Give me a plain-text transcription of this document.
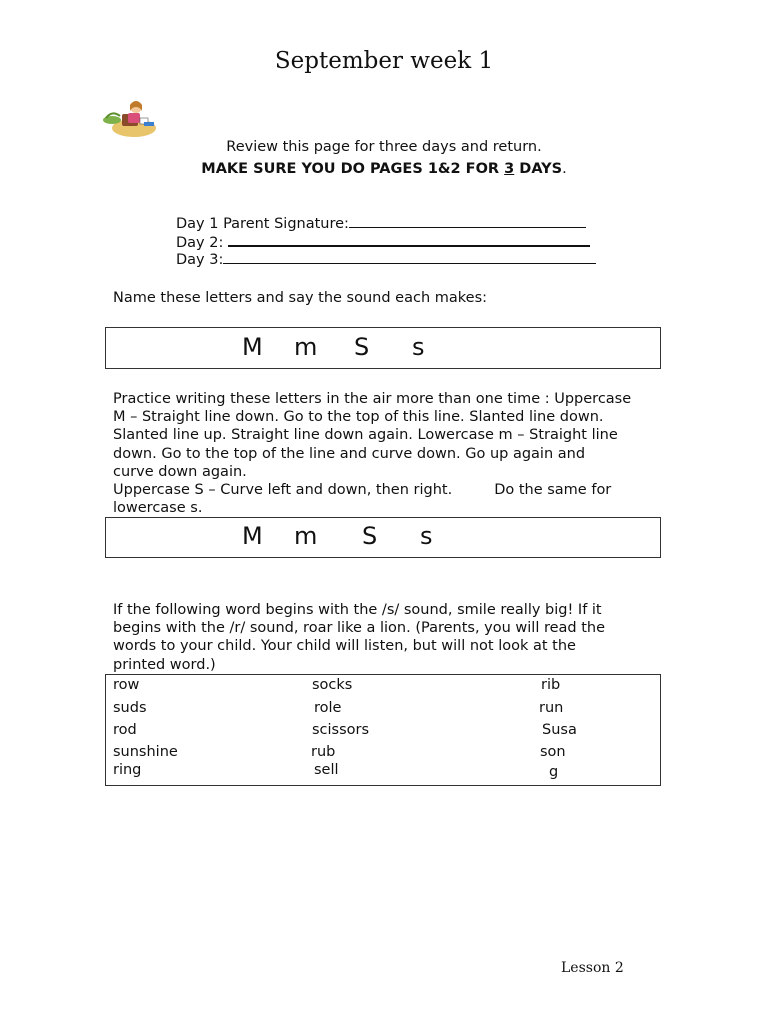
September week 1
Review this page for three days and return.
MAKE SURE YOU DO PAGES 1&2 FOR 3 DAYS.
Day 1 Parent Signature:
Day 2:
Day 3:
Name these letters and say the sound each makes:
M m S s
Practice writing these letters in the air more than one time : Uppercase
M – Straight line down. Go to the top of this line. Slanted line down.
Slanted line up. Straight line down again. Lowercase m – Straight line
down. Go to the top of the line and curve down. Go up again and
curve down again.
Uppercase S – Curve left and down, then right.	Do the same for
lowercase s.
M m S s
If the following word begins with the /s/ sound, smile really big! If it
begins with the /r/ sound, roar like a lion. (Parents, you will read the
words to your child. Your child will listen, but will not look at the
printed word.)
row
suds
rod
sunshine
ring
socks
role
scissors
rub
sell
rib
run
Susa
son
g
Lesson 2
